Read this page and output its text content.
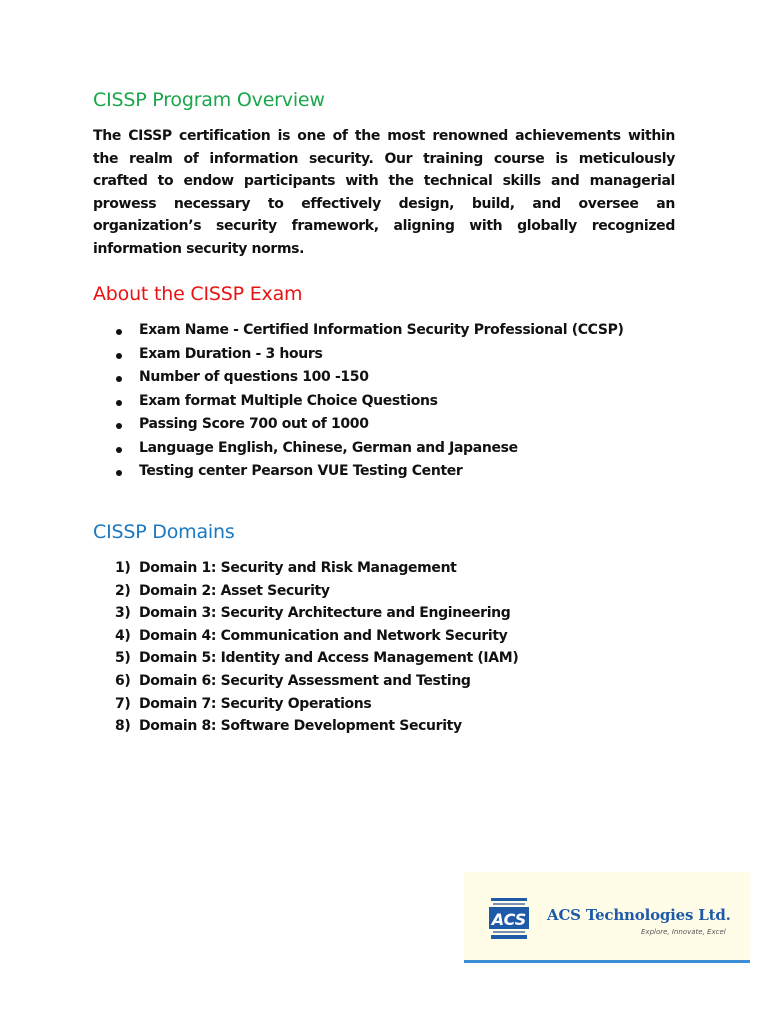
CISSP Program Overview

The CISSP certification is one of the most renowned achievements within the realm of information security. Our training course is meticulously crafted to endow participants with the technical skills and managerial prowess necessary to effectively design, build, and oversee an organization’s security framework, aligning with globally recognized information security norms.

About the CISSP Exam
Exam Name - Certified Information Security Professional (CCSP)
Exam Duration - 3 hours
Number of questions 100 -150
Exam format Multiple Choice Questions
Passing Score 700 out of 1000
Language English, Chinese, German and Japanese
Testing center Pearson VUE Testing Center
CISSP Domains
1) Domain 1: Security and Risk Management
2) Domain 2: Asset Security
3) Domain 3: Security Architecture and Engineering
4) Domain 4: Communication and Network Security
5) Domain 5: Identity and Access Management (IAM)
6) Domain 6: Security Assessment and Testing
7) Domain 7: Security Operations
8) Domain 8: Software Development Security
ACS ACS Technologies Ltd.

Explore, Innovate, Excel
